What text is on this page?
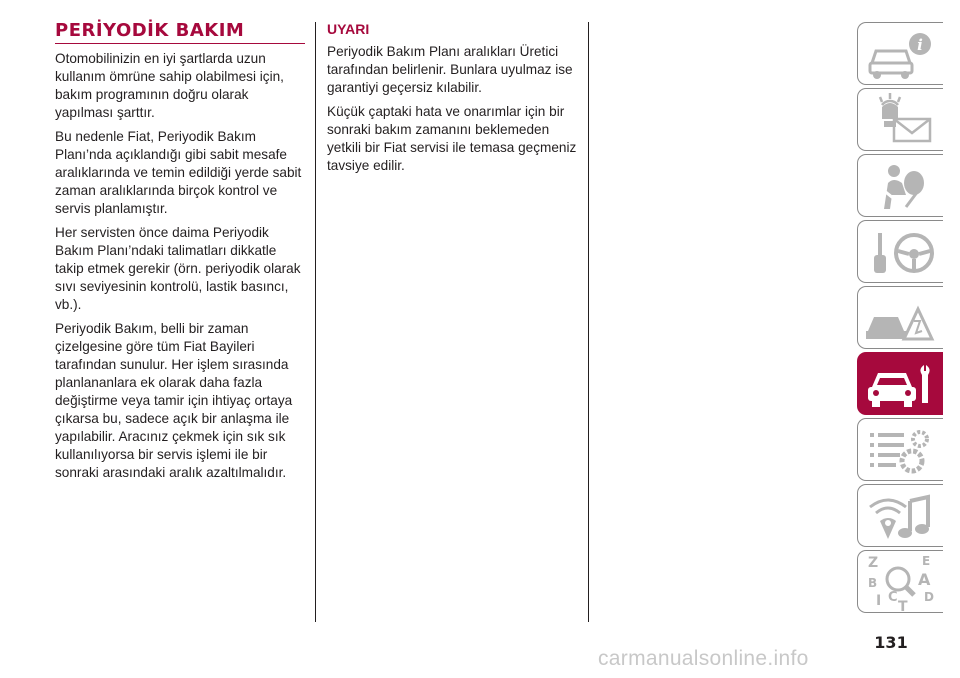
PERİYODİK BAKIM

Otomobilinizin en iyi şartlarda uzun kullanım ömrüne sahip olabilmesi için, bakım programının doğru olarak yapılması şarttır.

Bu nedenle Fiat, Periyodik Bakım Planı’nda açıklandığı gibi sabit mesafe aralıklarında ve temin edildiği yerde sabit zaman aralıklarında birçok kontrol ve servis planlamıştır.

Her servisten önce daima Periyodik Bakım Planı’ndaki talimatları dikkatle takip etmek gerekir (örn. periyodik olarak sıvı seviyesinin kontrolü, lastik basıncı, vb.).

Periyodik Bakım, belli bir zaman çizelgesine göre tüm Fiat Bayileri tarafından sunulur. Her işlem sırasında planlananlara ek olarak daha fazla değiştirme veya tamir için ihtiyaç ortaya çıkarsa bu, sadece açık bir anlaşma ile yapılabilir. Aracınız çekmek için sık sık kullanılıyorsa bir servis işlemi ile bir sonraki arasındaki aralık azaltılmalıdır.

UYARI

Periyodik Bakım Planı aralıkları Üretici tarafından belirlenir. Bunlara uyulmaz ise garantiyi geçersiz kılabilir.

Küçük çaptaki hata ve onarımlar için bir sonraki bakım zamanını beklemeden yetkili bir Fiat servisi ile temasa geçmeniz tavsiye edilir.

i
Z	E
B	A
I C
T
D
131
carmanualsonline.info
